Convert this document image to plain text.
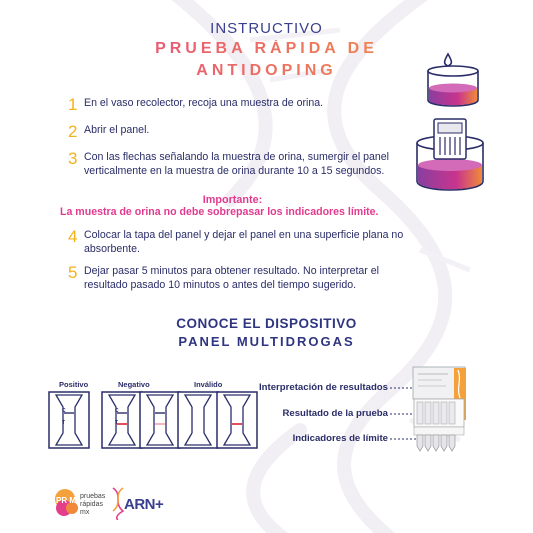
INSTRUCTIVO
PRUEBA RÁPIDA DE
ANTIDOPING
1 En el vaso recolector, recoja una muestra de orina.
2 Abrir el panel.
3 Con las flechas señalando la muestra de orina, sumergir el panel verticalmente en la muestra de orina durante 10 a 15 segundos.
Importante:
La muestra de orina no debe sobrepasar los indicadores límite.
4 Colocar la tapa del panel y dejar el panel en una superficie plana no absorbente.
5 Dejar pasar 5 minutos para obtener resultado. No interpretar el resultado pasado 10 minutos o antes del tiempo sugerido.
CONOCE EL DISPOSITIVO
PANEL MULTIDROGAS
Positivo	Negativo	Inválido
C
T
C
T
Interpretación de resultados
Resultado de la prueba
Indicadores de límite
PR M pruebas
rápidas
mx ARN+
